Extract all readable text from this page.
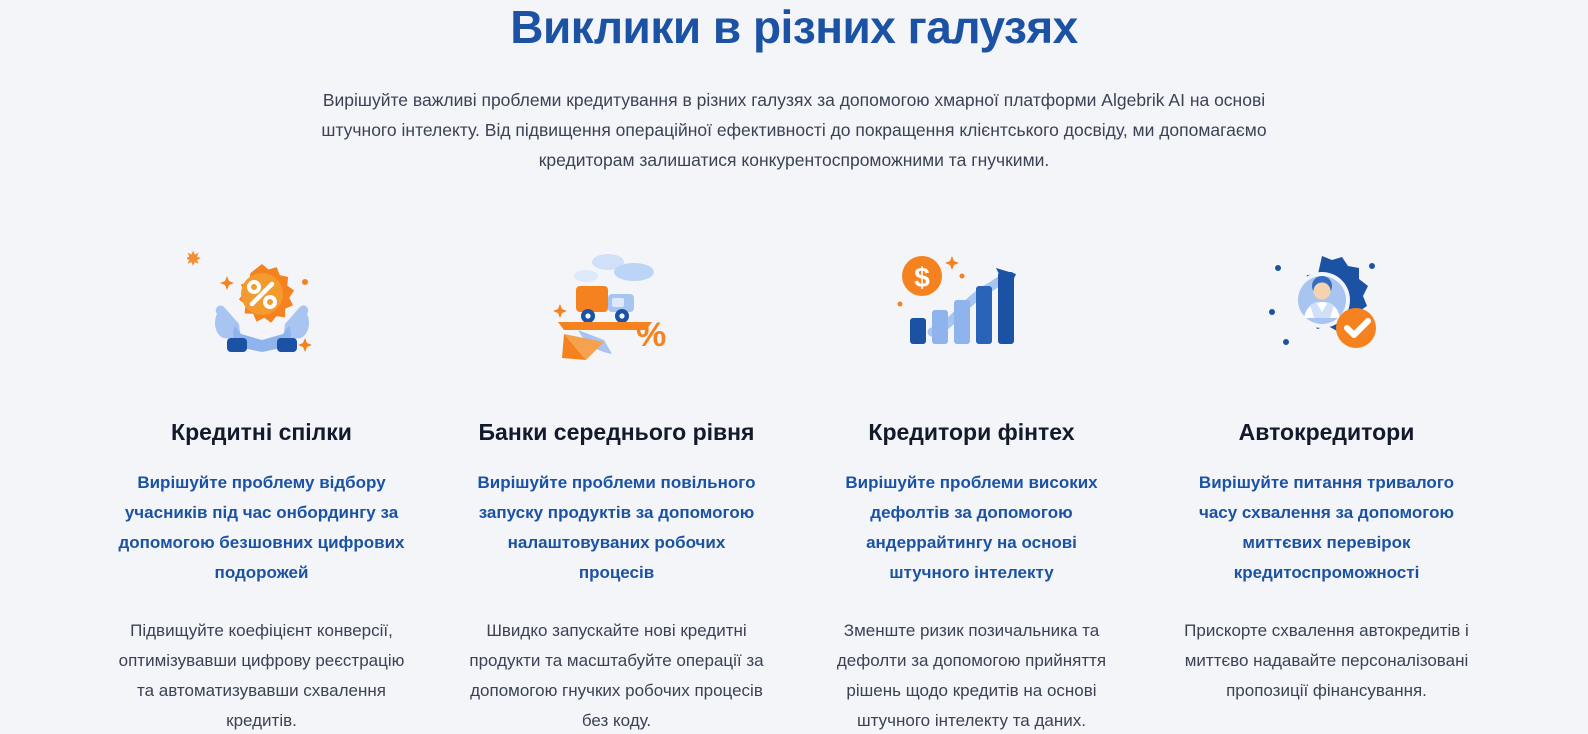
Виклики в різних галузях

Вирішуйте важливі проблеми кредитування в різних галузях за допомогою хмарної платформи Algebrik AI на основі штучного інтелекту. Від підвищення операційної ефективності до покращення клієнтського досвіду, ми допомагаємо кредиторам залишатися конкурентоспроможними та гнучкими.

Кредитні спілки
Вирішуйте проблему відбору учасників під час онбордингу за допомогою безшовних цифрових подорожей
Підвищуйте коефіцієнт конверсії, оптимізувавши цифрову реєстрацію та автоматизувавши схвалення кредитів.
%
Банки середнього рівня
Вирішуйте проблеми повільного запуску продуктів за допомогою налаштовуваних робочих процесів
Швидко запускайте нові кредитні продукти та масштабуйте операції за допомогою гнучких робочих процесів без коду.
$
Кредитори фінтех
Вирішуйте проблеми високих дефолтів за допомогою андеррайтингу на основі штучного інтелекту
Зменште ризик позичальника та дефолти за допомогою прийняття рішень щодо кредитів на основі штучного інтелекту та даних.
Автокредитори
Вирішуйте питання тривалого часу схвалення за допомогою миттєвих перевірок кредитоспроможності
Прискорте схвалення автокредитів і миттєво надавайте персоналізовані пропозиції фінансування.
